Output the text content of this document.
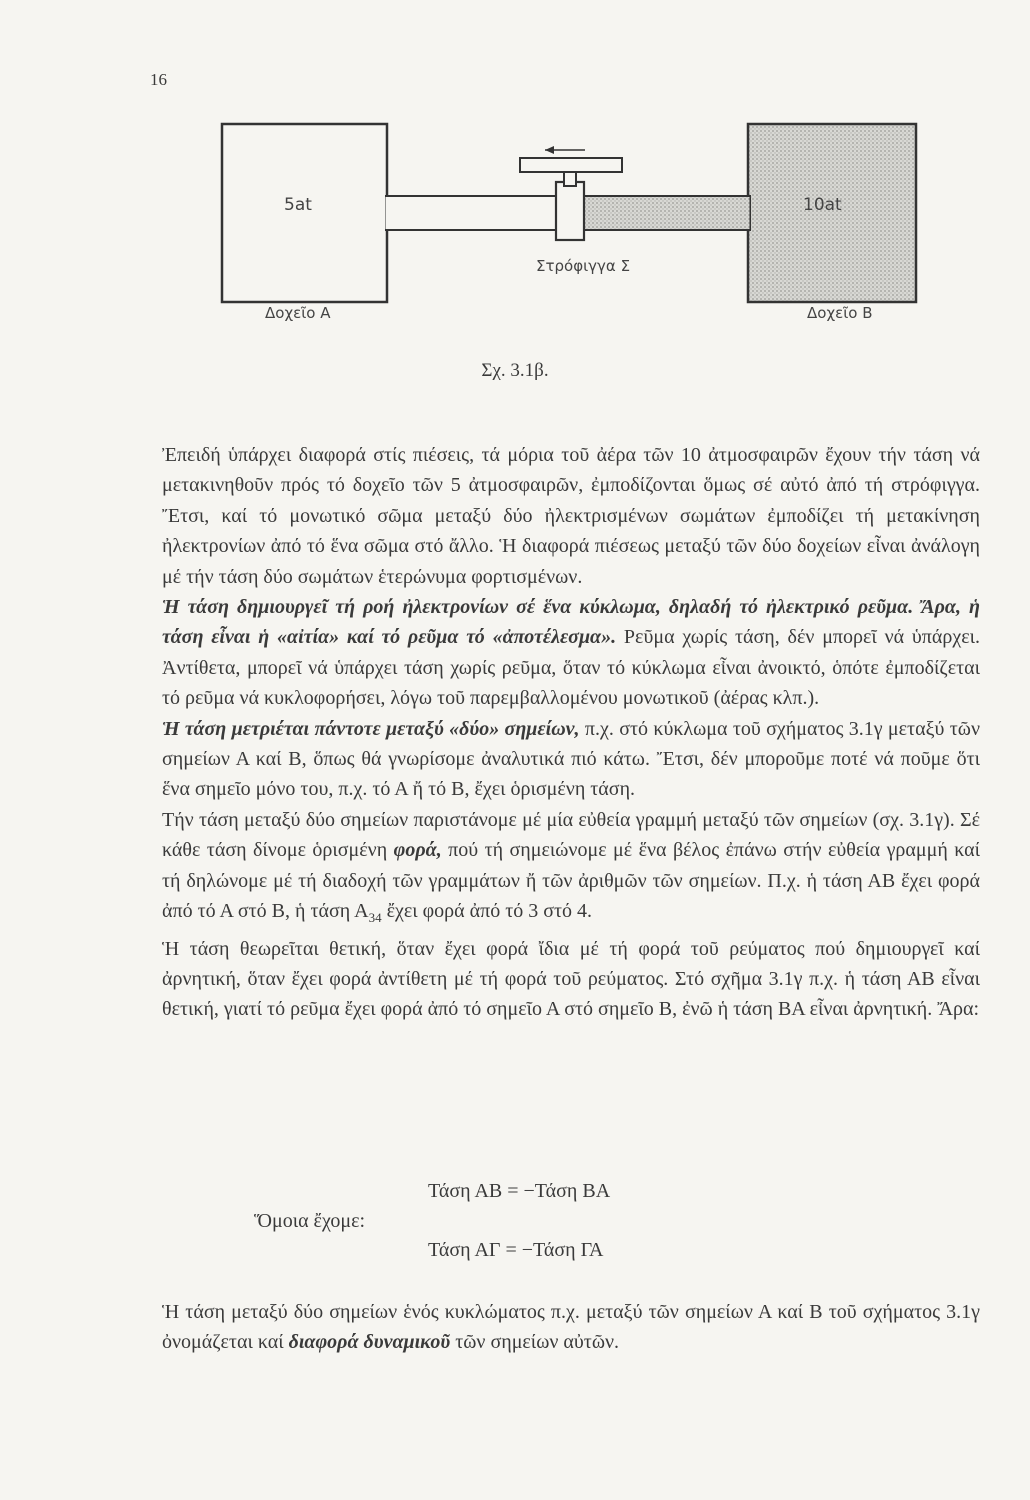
16
5at	10at
Στρόφιγγα Σ
Δοχεῖο Α	Δοχεῖο Β
Σχ. 3.1β.

Ἐπειδή ὑπάρχει διαφορά στίς πιέσεις, τά μόρια τοῦ ἀέρα τῶν 10 ἀτμοσφαιρῶν ἔχουν τήν τάση νά μετακινηθοῦν πρός τό δοχεῖο τῶν 5 ἀτμοσφαιρῶν, ἐμποδίζονται ὅμως σέ αὐτό ἀπό τή στρόφιγγα. Ἔτσι, καί τό μονωτικό σῶμα μεταξύ δύο ἠλεκτρισμένων σωμάτων ἐμποδίζει τή μετακίνηση ἠλεκτρονίων ἀπό τό ἕνα σῶμα στό ἄλλο. Ἡ διαφορά πιέσεως μεταξύ τῶν δύο δοχείων εἶναι ἀνάλογη μέ τήν τάση δύο σωμάτων ἑτερώνυμα φορτισμένων.

Ἡ τάση δημιουργεῖ τή ροή ἠλεκτρονίων σέ ἕνα κύκλωμα, δηλαδή τό ἠλεκτρικό ρεῦμα. Ἄρα, ἡ τάση εἶναι ἡ «αἰτία» καί τό ρεῦμα τό «ἀποτέλεσμα». Ρεῦμα χωρίς τάση, δέν μπορεῖ νά ὑπάρχει. Ἀντίθετα, μπορεῖ νά ὑπάρχει τάση χωρίς ρεῦμα, ὅταν τό κύκλωμα εἶναι ἀνοικτό, ὁπότε ἐμποδίζεται τό ρεῦμα νά κυκλοφορήσει, λόγω τοῦ παρεμβαλλομένου μονωτικοῦ (ἀέρας κλπ.).

Ἡ τάση μετριέται πάντοτε μεταξύ «δύο» σημείων, π.χ. στό κύκλωμα τοῦ σχήματος 3.1γ μεταξύ τῶν σημείων Α καί Β, ὅπως θά γνωρίσομε ἀναλυτικά πιό κάτω. Ἔτσι, δέν μποροῦμε ποτέ νά ποῦμε ὅτι ἕνα σημεῖο μόνο του, π.χ. τό Α ἤ τό Β, ἔχει ὁρισμένη τάση.

Τήν τάση μεταξύ δύο σημείων παριστάνομε μέ μία εὐθεία γραμμή μεταξύ τῶν σημείων (σχ. 3.1γ). Σέ κάθε τάση δίνομε ὁρισμένη φορά, πού τή σημειώνομε μέ ἕνα βέλος ἐπάνω στήν εὐθεία γραμμή καί τή δηλώνομε μέ τή διαδοχή τῶν γραμμάτων ἤ τῶν ἀριθμῶν τῶν σημείων. Π.χ. ἡ τάση ΑΒ ἔχει φορά ἀπό τό Α στό Β, ἡ τάση $A_{34}$ ἔχει φορά ἀπό τό 3 στό 4.

Ἡ τάση θεωρεῖται θετική, ὅταν ἔχει φορά ἴδια μέ τή φορά τοῦ ρεύματος πού δημιουργεῖ καί ἀρνητική, ὅταν ἔχει φορά ἀντίθετη μέ τή φορά τοῦ ρεύματος. Στό σχῆμα 3.1γ π.χ. ἡ τάση ΑΒ εἶναι θετική, γιατί τό ρεῦμα ἔχει φορά ἀπό τό σημεῖο Α στό σημεῖο Β, ἐνῶ ἡ τάση ΒΑ εἶναι ἀρνητική. Ἄρα:

Τάση ΑΒ = −Τάση ΒΑ
Ὅμοια ἔχομε:
Τάση ΑΓ = −Τάση ΓΑ

Ἡ τάση μεταξύ δύο σημείων ἑνός κυκλώματος π.χ. μεταξύ τῶν σημείων Α καί Β τοῦ σχήματος 3.1γ ὀνομάζεται καί διαφορά δυναμικοῦ τῶν σημείων αὐτῶν.
